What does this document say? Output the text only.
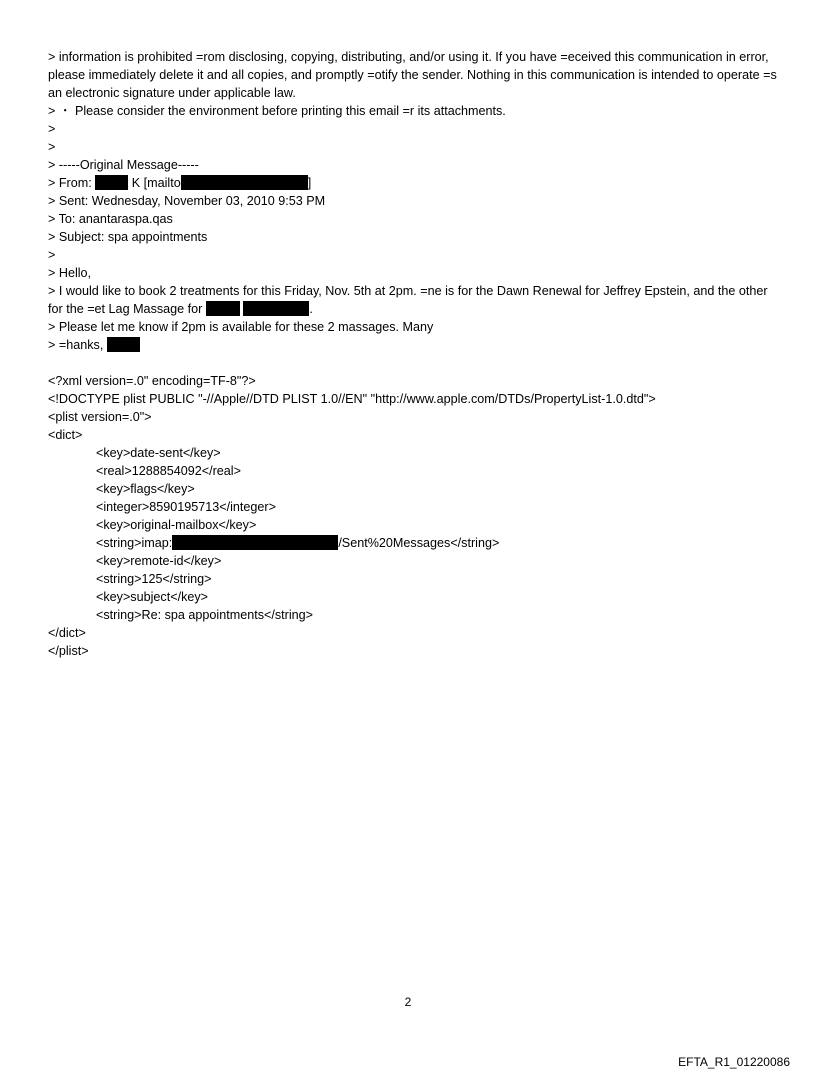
> information is prohibited =rom disclosing, copying, distributing, and/or using it. If you have =eceived this communication in error, please immediately delete it and all copies, and promptly =otify the sender. Nothing in this communication is intended to operate =s an electronic signature under applicable law.
> ・ Please consider the environment before printing this email =r its attachments.
>
>
> -----Original Message-----
> From:	K [mailto	]
> Sent: Wednesday, November 03, 2010 9:53 PM
> To: anantaraspa.qas
> Subject: spa appointments
>
> Hello,
> I would like to book 2 treatments for this Friday, Nov. 5th at 2pm. =ne is for the Dawn Renewal for Jeffrey Epstein, and the other for the =et Lag Massage for	.
> Please let me know if 2pm is available for these 2 massages. Many
> =hanks,
<?xml version=.0" encoding=TF-8"?>
<!DOCTYPE plist PUBLIC "-//Apple//DTD PLIST 1.0//EN" "http://www.apple.com/DTDs/PropertyList-1.0.dtd">
<plist version=.0">
<dict>
<key>date-sent</key>
<real>1288854092</real>
<key>flags</key>
<integer>8590195713</integer>
<key>original-mailbox</key>
<string>imap:	/Sent%20Messages</string>
<key>remote-id</key>
<string>125</string>
<key>subject</key>
<string>Re: spa appointments</string>
</dict>
</plist>
2
EFTA_R1_01220086
